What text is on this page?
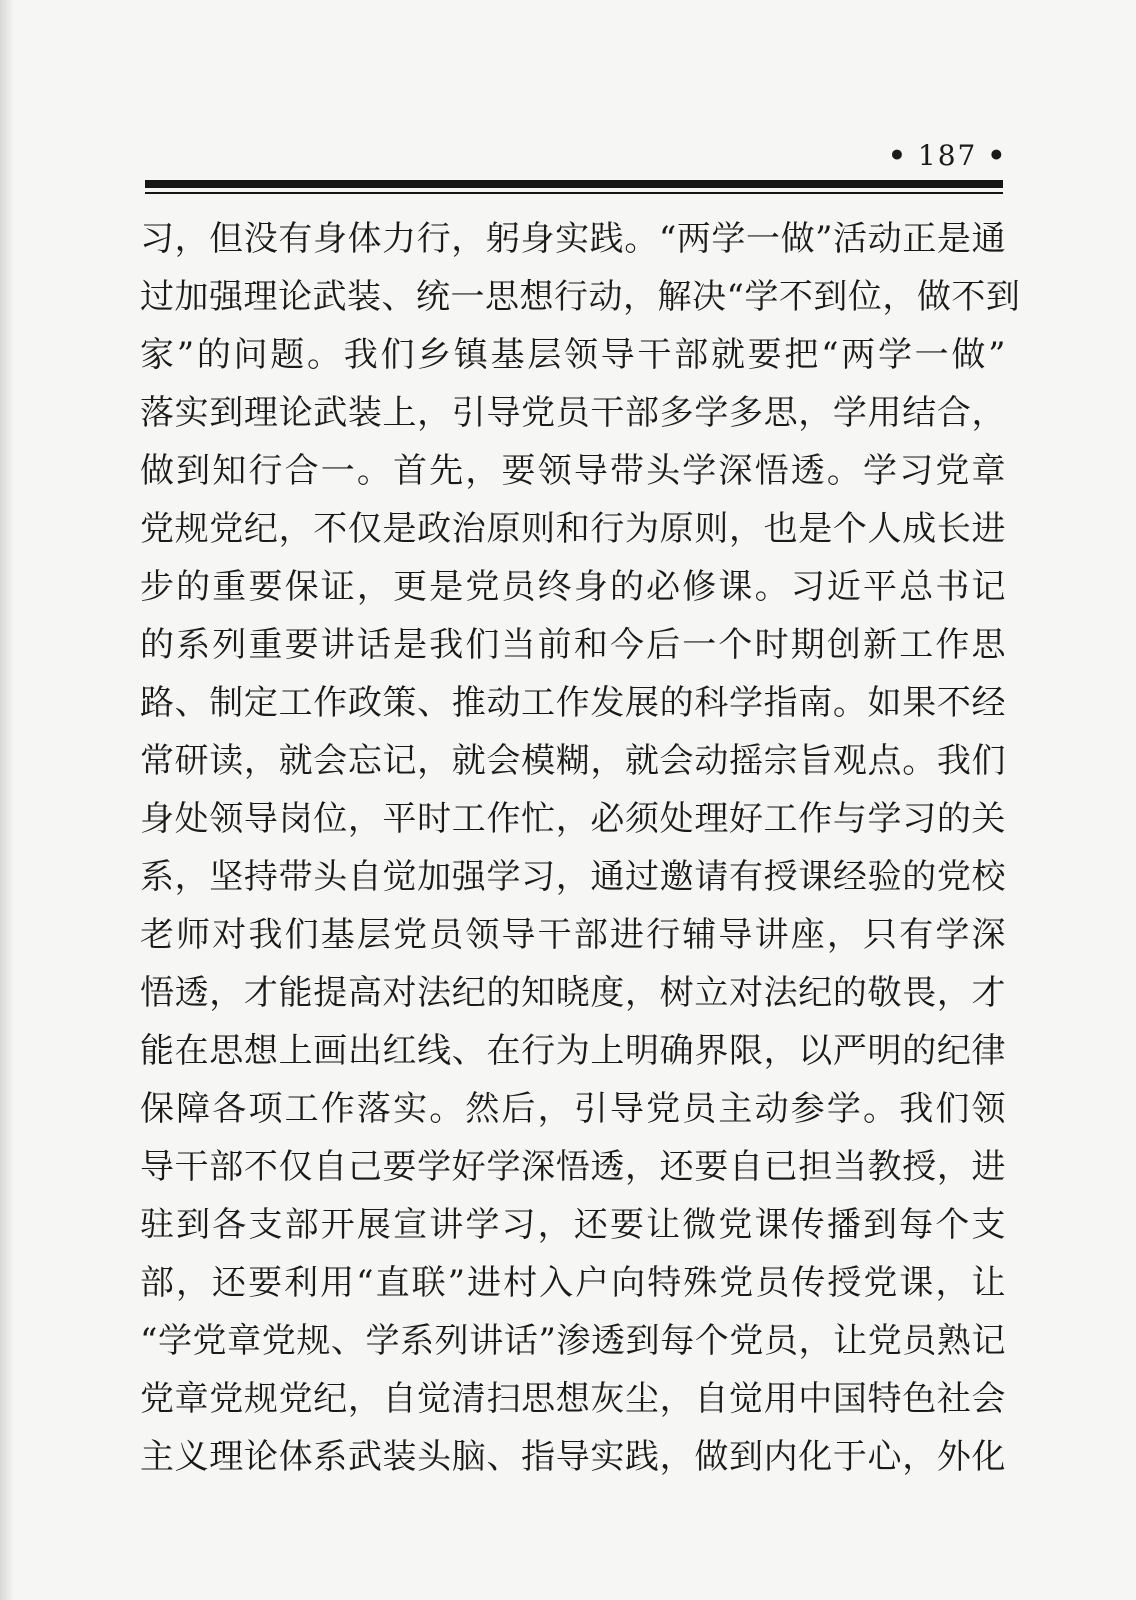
• 187 •
习，但没有身体力行，躬身实践。“两学一做”活动正是通
过加强理论武装、统一思想行动，解决“学不到位，做不到
家”的问题。我们乡镇基层领导干部就要把“两学一做”
落实到理论武装上，引导党员干部多学多思，学用结合，
做到知行合一。首先，要领导带头学深悟透。学习党章
党规党纪，不仅是政治原则和行为原则，也是个人成长进
步的重要保证，更是党员终身的必修课。习近平总书记
的系列重要讲话是我们当前和今后一个时期创新工作思
路、制定工作政策、推动工作发展的科学指南。如果不经
常研读，就会忘记，就会模糊，就会动摇宗旨观点。我们
身处领导岗位，平时工作忙，必须处理好工作与学习的关
系，坚持带头自觉加强学习，通过邀请有授课经验的党校
老师对我们基层党员领导干部进行辅导讲座，只有学深
悟透，才能提高对法纪的知晓度，树立对法纪的敬畏，才
能在思想上画出红线、在行为上明确界限，以严明的纪律
保障各项工作落实。然后，引导党员主动参学。我们领
导干部不仅自己要学好学深悟透，还要自已担当教授，进
驻到各支部开展宣讲学习，还要让微党课传播到每个支
部，还要利用“直联”进村入户向特殊党员传授党课，让
“学党章党规、学系列讲话”渗透到每个党员，让党员熟记
党章党规党纪，自觉清扫思想灰尘，自觉用中国特色社会
主义理论体系武装头脑、指导实践，做到内化于心，外化
